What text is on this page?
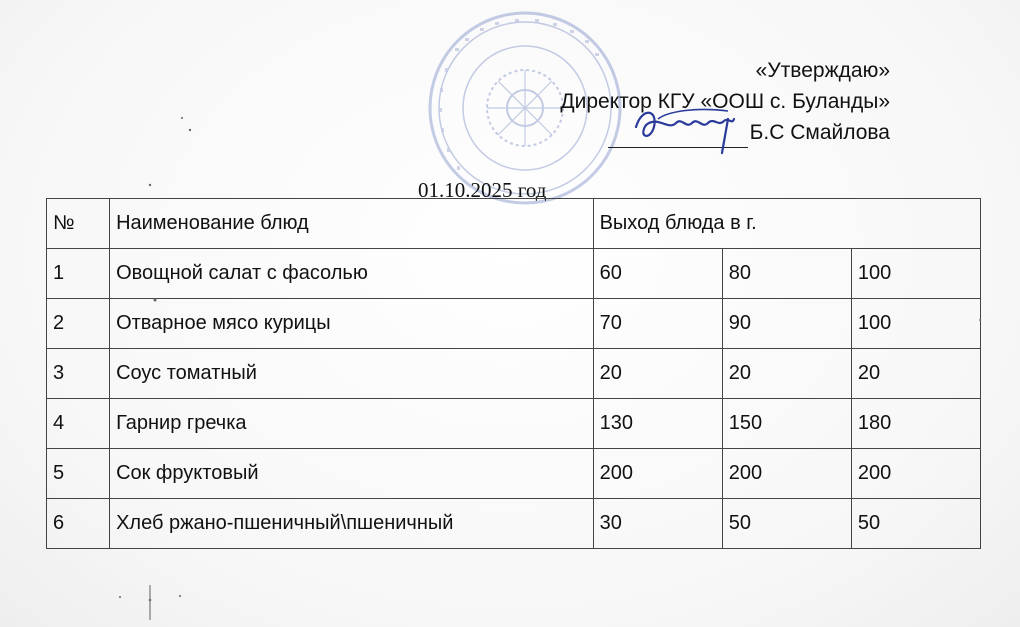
«Утверждаю»
Директор КГУ «ООШ с. Буланды»
Б.С Смайлова
01.10.2025 год
№	Наименование блюд	Выход блюда в г.		
1	Овощной салат с фасолью	60	80	100
2	Отварное мясо курицы	70	90	100
3	Соус томатный	20	20	20
4	Гарнир гречка	130	150	180
5	Сок фруктовый	200	200	200
6	Хлеб ржано-пшеничный\пшеничный	30	50	50
